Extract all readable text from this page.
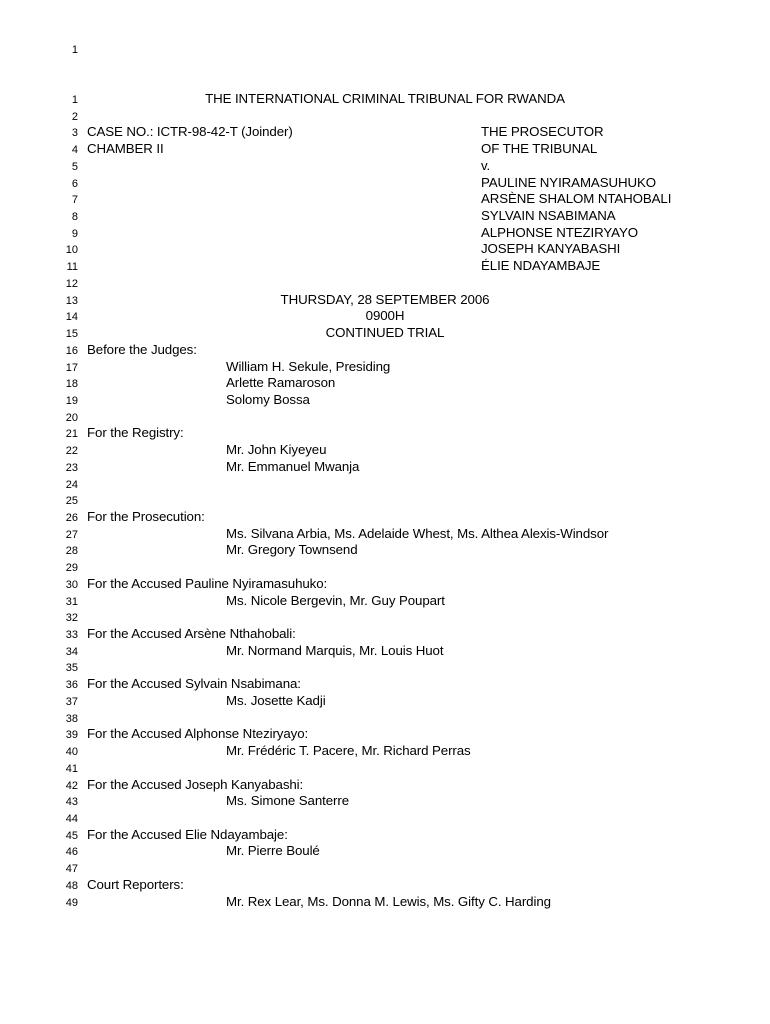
1
1	THE INTERNATIONAL CRIMINAL TRIBUNAL FOR RWANDA
2
3 CASE NO.: ICTR-98-42-T (Joinder)	THE PROSECUTOR
4 CHAMBER II	OF THE TRIBUNAL
5	v.
6	PAULINE NYIRAMASUHUKO
7	ARSÈNE SHALOM NTAHOBALI
8	SYLVAIN NSABIMANA
9	ALPHONSE NTEZIRYAYO
10	JOSEPH KANYABASHI
11	ÉLIE NDAYAMBAJE
12
13	THURSDAY, 28 SEPTEMBER 2006
14	0900H
15	CONTINUED TRIAL
16 Before the Judges:
17	William H. Sekule, Presiding
18	Arlette Ramaroson
19	Solomy Bossa
20
21 For the Registry:
22	Mr. John Kiyeyeu
23	Mr. Emmanuel Mwanja
24
25
26 For the Prosecution:
27	Ms. Silvana Arbia, Ms. Adelaide Whest, Ms. Althea Alexis-Windsor
28	Mr. Gregory Townsend
29
30 For the Accused Pauline Nyiramasuhuko:
31	Ms. Nicole Bergevin, Mr. Guy Poupart
32
33 For the Accused Arsène Nthahobali:
34	Mr. Normand Marquis, Mr. Louis Huot
35
36 For the Accused Sylvain Nsabimana:
37	Ms. Josette Kadji
38
39 For the Accused Alphonse Nteziryayo:
40	Mr. Frédéric T. Pacere, Mr. Richard Perras
41
42 For the Accused Joseph Kanyabashi:
43	Ms. Simone Santerre
44
45 For the Accused Elie Ndayambaje:
46	Mr. Pierre Boulé
47
48 Court Reporters:
49	Mr. Rex Lear, Ms. Donna M. Lewis, Ms. Gifty C. Harding
